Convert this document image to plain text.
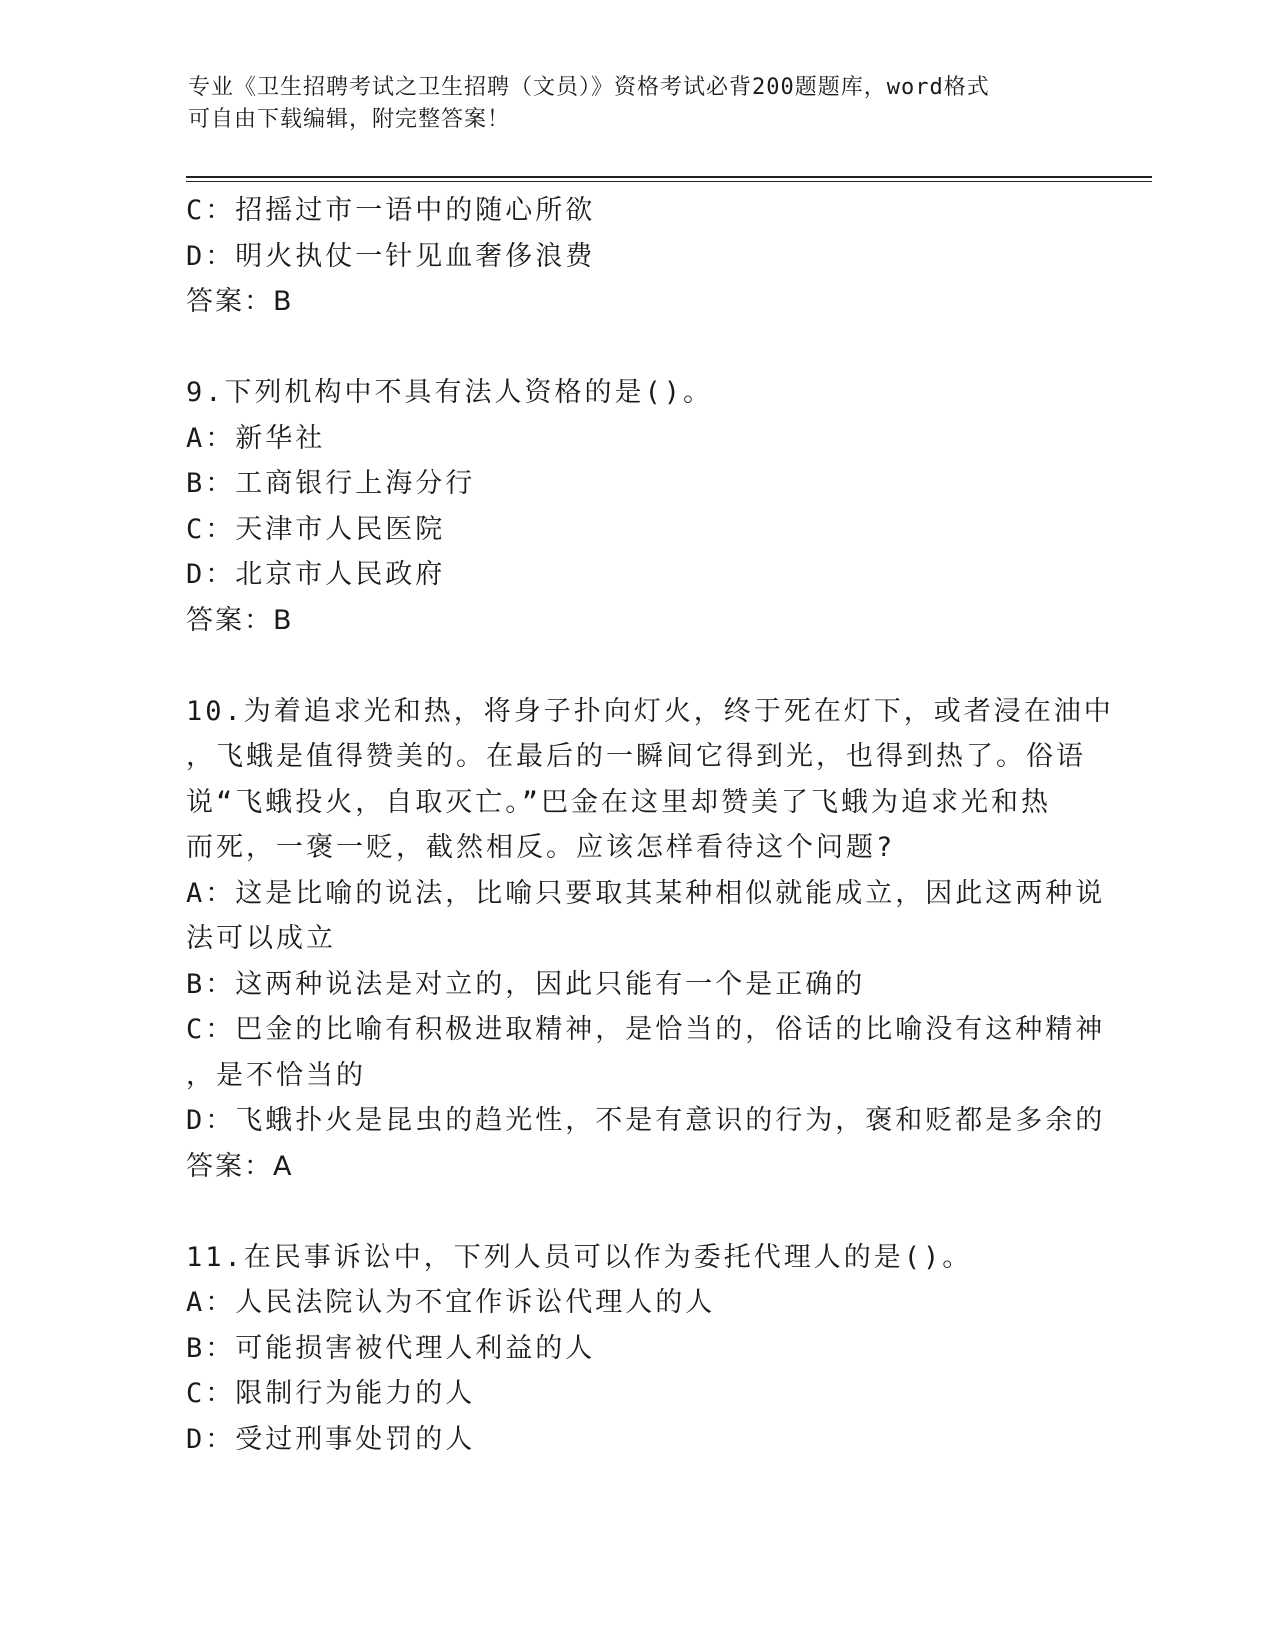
专业《卫生招聘考试之卫生招聘（文员）》资格考试必背200题题库，word格式
可自由下载编辑，附完整答案！
C：招摇过市一语中的随心所欲
D：明火执仗一针见血奢侈浪费
答案：B
9.下列机构中不具有法人资格的是()。
A：新华社
B：工商银行上海分行
C：天津市人民医院
D：北京市人民政府
答案：B
10.为着追求光和热，将身子扑向灯火，终于死在灯下，或者浸在油中
，飞蛾是值得赞美的。在最后的一瞬间它得到光，也得到热了。俗语
说“飞蛾投火，自取灭亡。”巴金在这里却赞美了飞蛾为追求光和热
而死，一褒一贬，截然相反。应该怎样看待这个问题?
A：这是比喻的说法，比喻只要取其某种相似就能成立，因此这两种说
法可以成立
B：这两种说法是对立的，因此只能有一个是正确的
C：巴金的比喻有积极进取精神，是恰当的，俗话的比喻没有这种精神
，是不恰当的
D：飞蛾扑火是昆虫的趋光性，不是有意识的行为，褒和贬都是多余的
答案：A
11.在民事诉讼中，下列人员可以作为委托代理人的是()。
A：人民法院认为不宜作诉讼代理人的人
B：可能损害被代理人利益的人
C：限制行为能力的人
D：受过刑事处罚的人
